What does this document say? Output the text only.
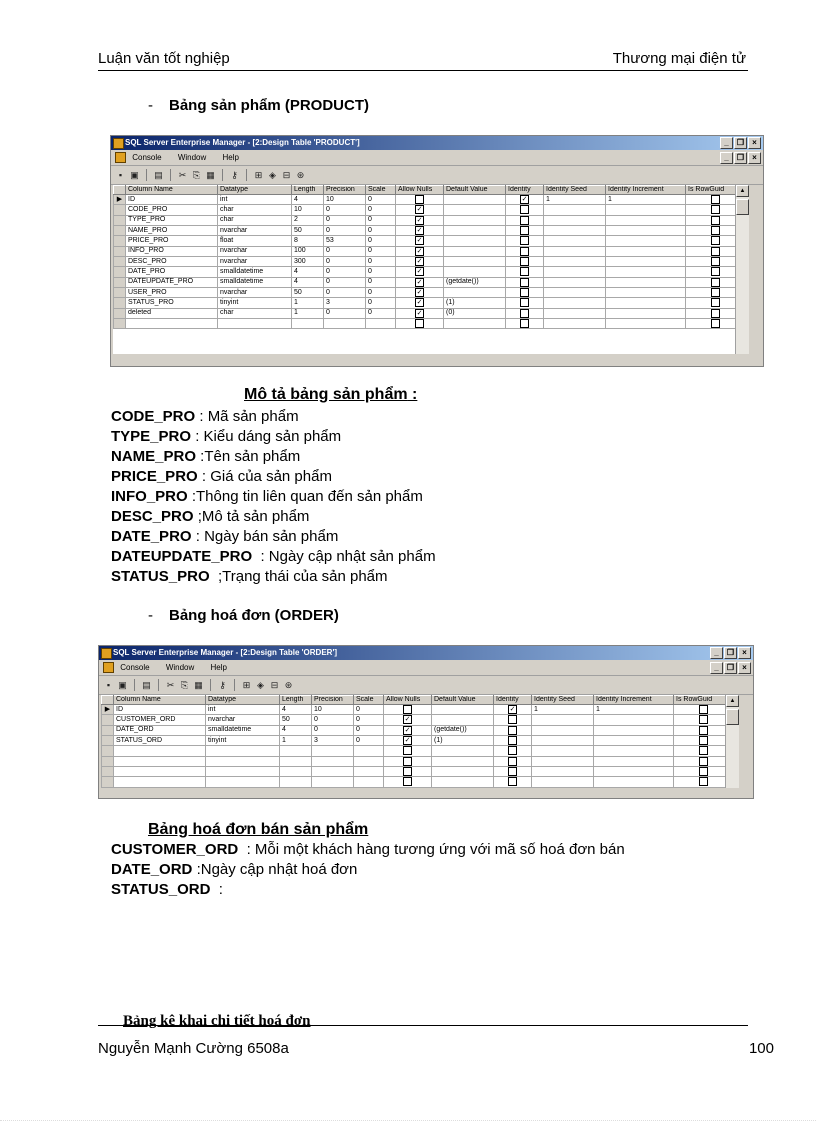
Luận văn tốt nghiệp	Thương mại điện tử
- Bảng sản phẩm (PRODUCT)
SQL Server Enterprise Manager - [2:Design Table 'PRODUCT']	_	❐	×
Console Window Help	_	❐	×
▪ ▣ ▤ ✂ ⎘ ▦ ⚷ ⊞ ◈ ⊟ ⊛
	Column Name	Datatype	Length	Precision	Scale	Allow Nulls	Default Value	Identity	Identity Seed	Identity Increment	Is RowGuid
▶	ID	int	4	10	0			✓	1	1	
	CODE_PRO	char	10	0	0	✓					
	TYPE_PRO	char	2	0	0	✓					
	NAME_PRO	nvarchar	50	0	0	✓					
	PRICE_PRO	float	8	53	0	✓					
	INFO_PRO	nvarchar	100	0	0	✓					
	DESC_PRO	nvarchar	300	0	0	✓					
	DATE_PRO	smalldatetime	4	0	0	✓					
	DATEUPDATE_PRO	smalldatetime	4	0	0	✓	(getdate())				
	USER_PRO	nvarchar	50	0	0	✓					
	STATUS_PRO	tinyint	1	3	0	✓	(1)				
	deleted	char	1	0	0	✓	(0)				

▲
Mô tả bảng sản phẩm :
CODE_PRO : Mã sản phẩm
TYPE_PRO : Kiểu dáng sản phẩm
NAME_PRO :Tên sản phẩm
PRICE_PRO : Giá của sản phẩm
INFO_PRO :Thông tin liên quan đến sản phẩm
DESC_PRO ;Mô tả sản phẩm
DATE_PRO : Ngày bán sản phẩm
DATEUPDATE_PRO  : Ngày cập nhật sản phẩm
STATUS_PRO  ;Trạng thái của sản phẩm
- Bảng hoá đơn (ORDER)
SQL Server Enterprise Manager - [2:Design Table 'ORDER']	_	❐	×
Console Window Help	_	❐	×
▪ ▣ ▤ ✂ ⎘ ▦ ⚷ ⊞ ◈ ⊟ ⊛
	Column Name	Datatype	Length	Precision	Scale	Allow Nulls	Default Value	Identity	Identity Seed	Identity Increment	Is RowGuid
▶	ID	int	4	10	0			✓	1	1	
	CUSTOMER_ORD	nvarchar	50	0	0	✓					
	DATE_ORD	smalldatetime	4	0	0	✓	(getdate())				
	STATUS_ORD	tinyint	1	3	0	✓	(1)				

▲
Bảng hoá đơn bán sản phẩm
CUSTOMER_ORD  : Mỗi một khách hàng tương ứng với mã số hoá đơn bán
DATE_ORD :Ngày cập nhật hoá đơn
STATUS_ORD  :
Bảng kê khai chi tiết hoá đơn
Nguyễn Mạnh Cường 6508a	100
